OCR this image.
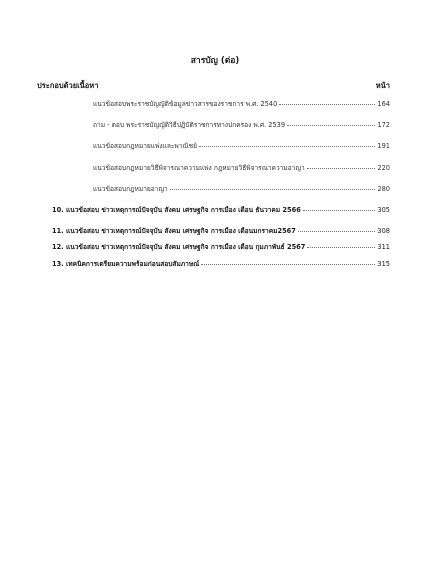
สารบัญ (ต่อ)
ประกอบด้วยเนื้อหา	หน้า
แนวข้อสอบพระราชบัญญัติข้อมูลข่าวสารของราชการ พ.ศ. 2540	164
ถาม - ตอบ พระราชบัญญัติวิธีปฏิบัติราชการทางปกครอง พ.ศ. 2539	172
แนวข้อสอบกฎหมายแพ่งและพาณิชย์	191
แนวข้อสอบกฎหมายวิธีพิจารณาความแพ่ง กฎหมายวิธีพิจารณาความอาญา	220
แนวข้อสอบกฎหมายอาญา	280
10. แนวข้อสอบ ข่าวเหตุการณ์ปัจจุบัน สังคม เศรษฐกิจ การเมือง เดือน ธันวาคม 2566	305
11. แนวข้อสอบ ข่าวเหตุการณ์ปัจจุบัน สังคม เศรษฐกิจ การเมือง เดือนมกราคม2567	308
12. แนวข้อสอบ ข่าวเหตุการณ์ปัจจุบัน สังคม เศรษฐกิจ การเมือง เดือน กุมภาพันธ์ 2567	311
13. เทคนิคการเตรียมความพร้อมก่อนสอบสัมภาษณ์	315
